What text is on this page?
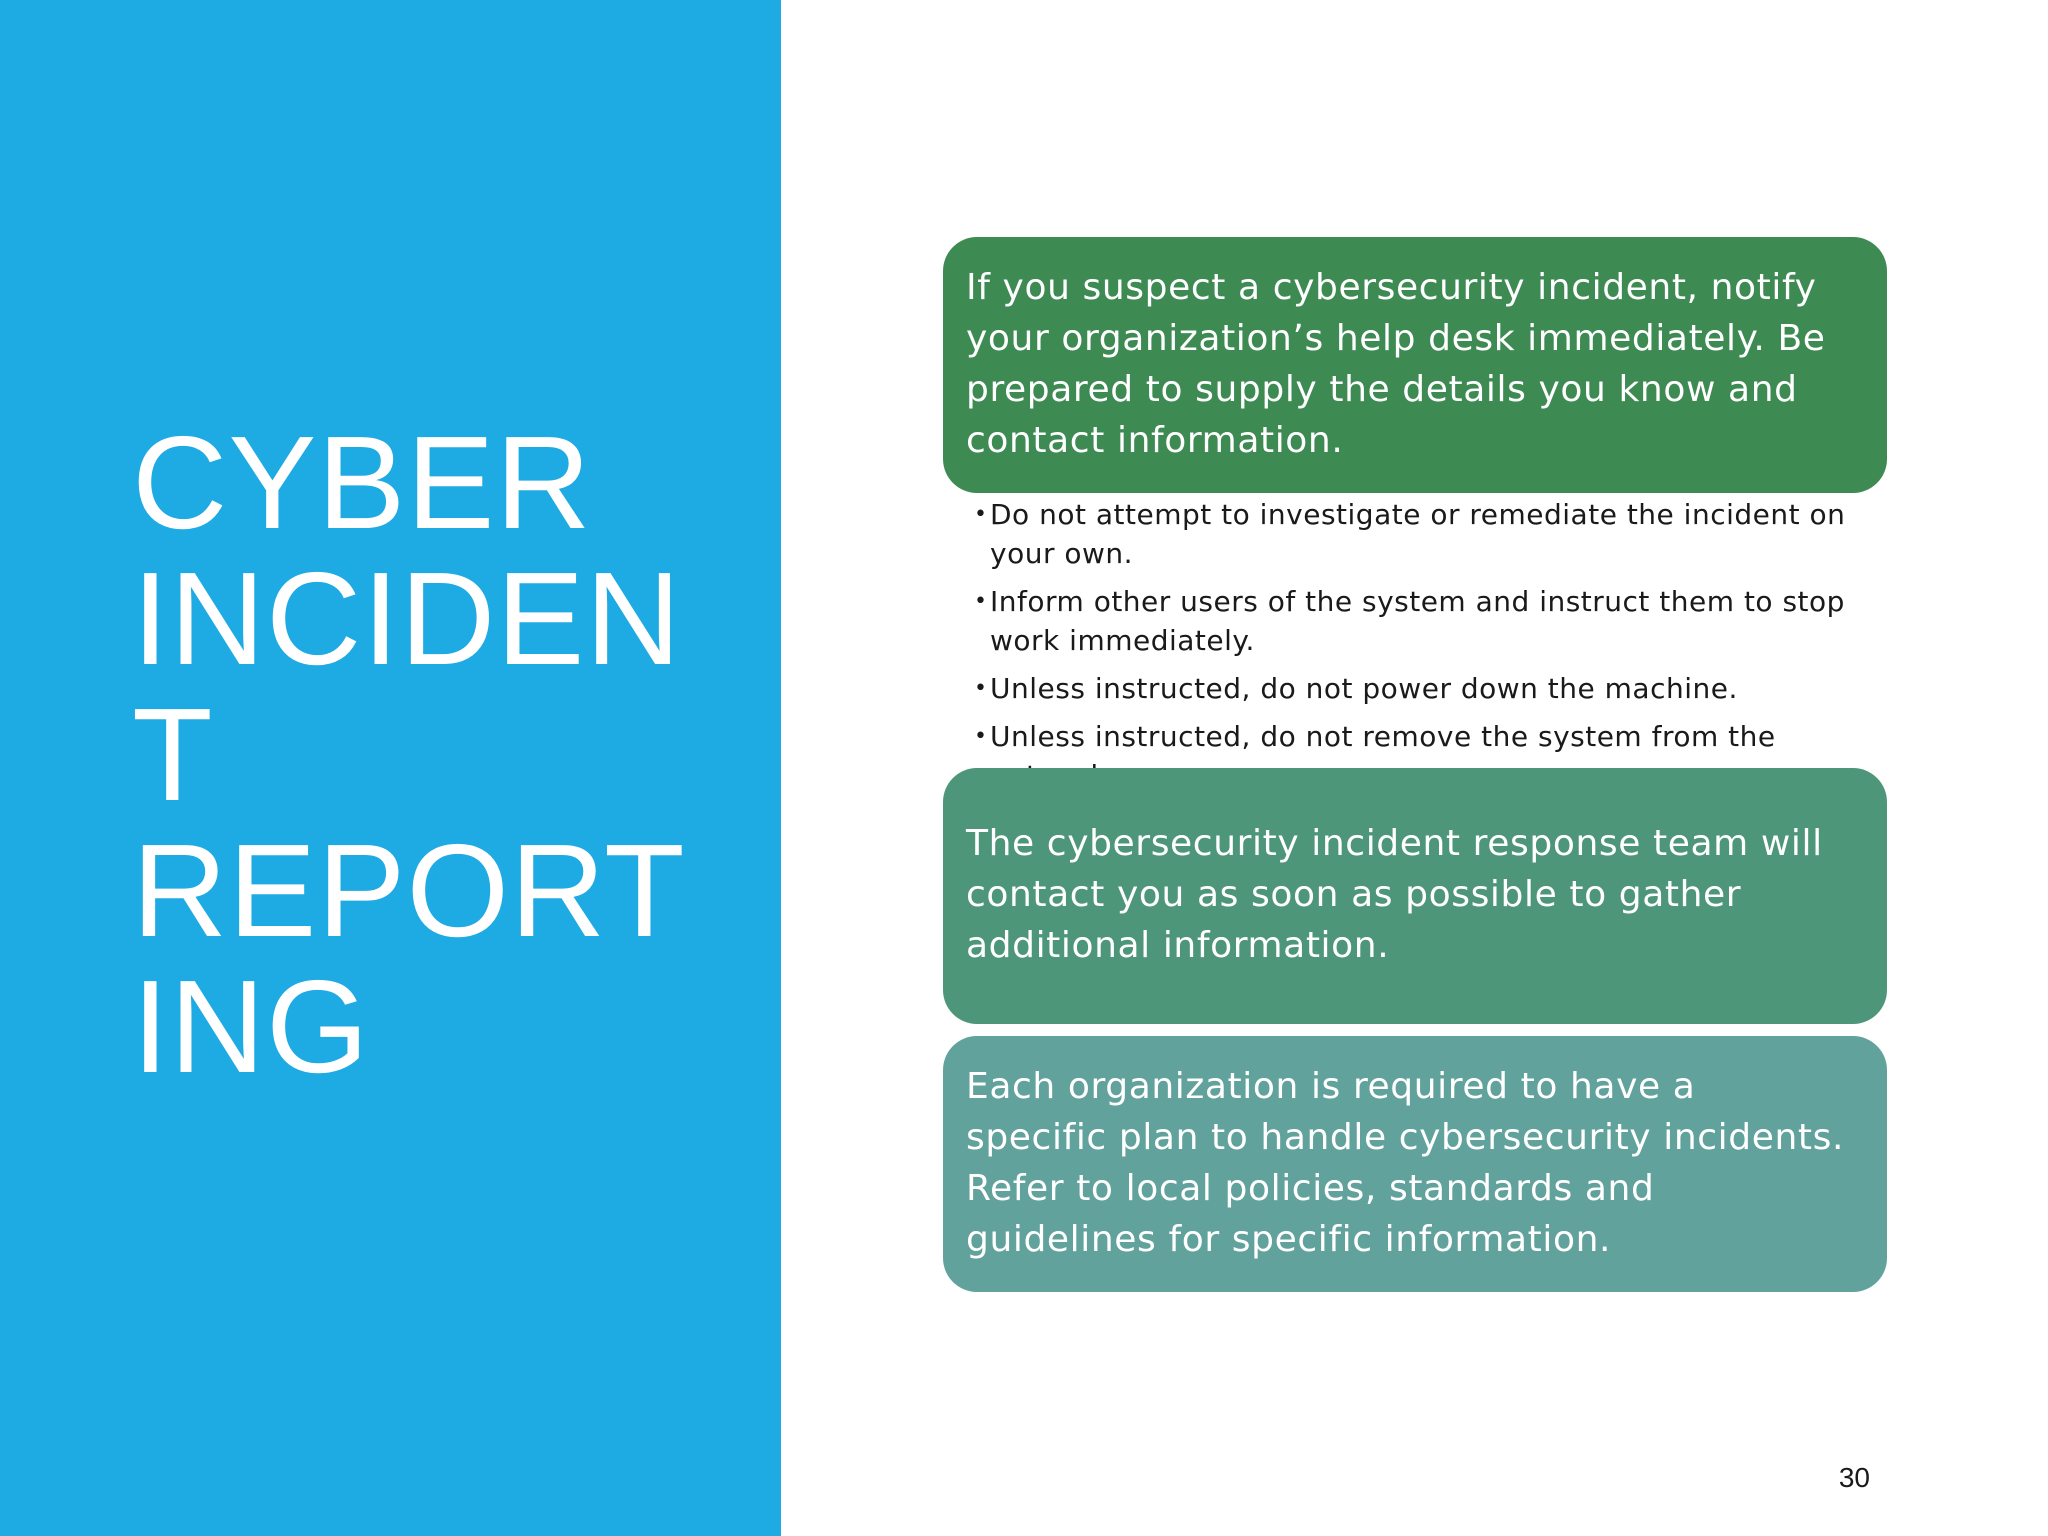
CYBER
INCIDEN
T
REPORT
ING

If you suspect a cybersecurity incident, notify your organization’s help desk immediately. Be prepared to supply the details you know and contact information.

• Do not attempt to investigate or remediate the incident on your own.
• Inform other users of the system and instruct them to stop work immediately.
• Unless instructed, do not power down the machine.
• Unless instructed, do not remove the system from the

The cybersecurity incident response team will contact you as soon as possible to gather additional information.

Each organization is required to have a specific plan to handle cybersecurity incidents. Refer to local policies, standards and guidelines for specific information.

30
